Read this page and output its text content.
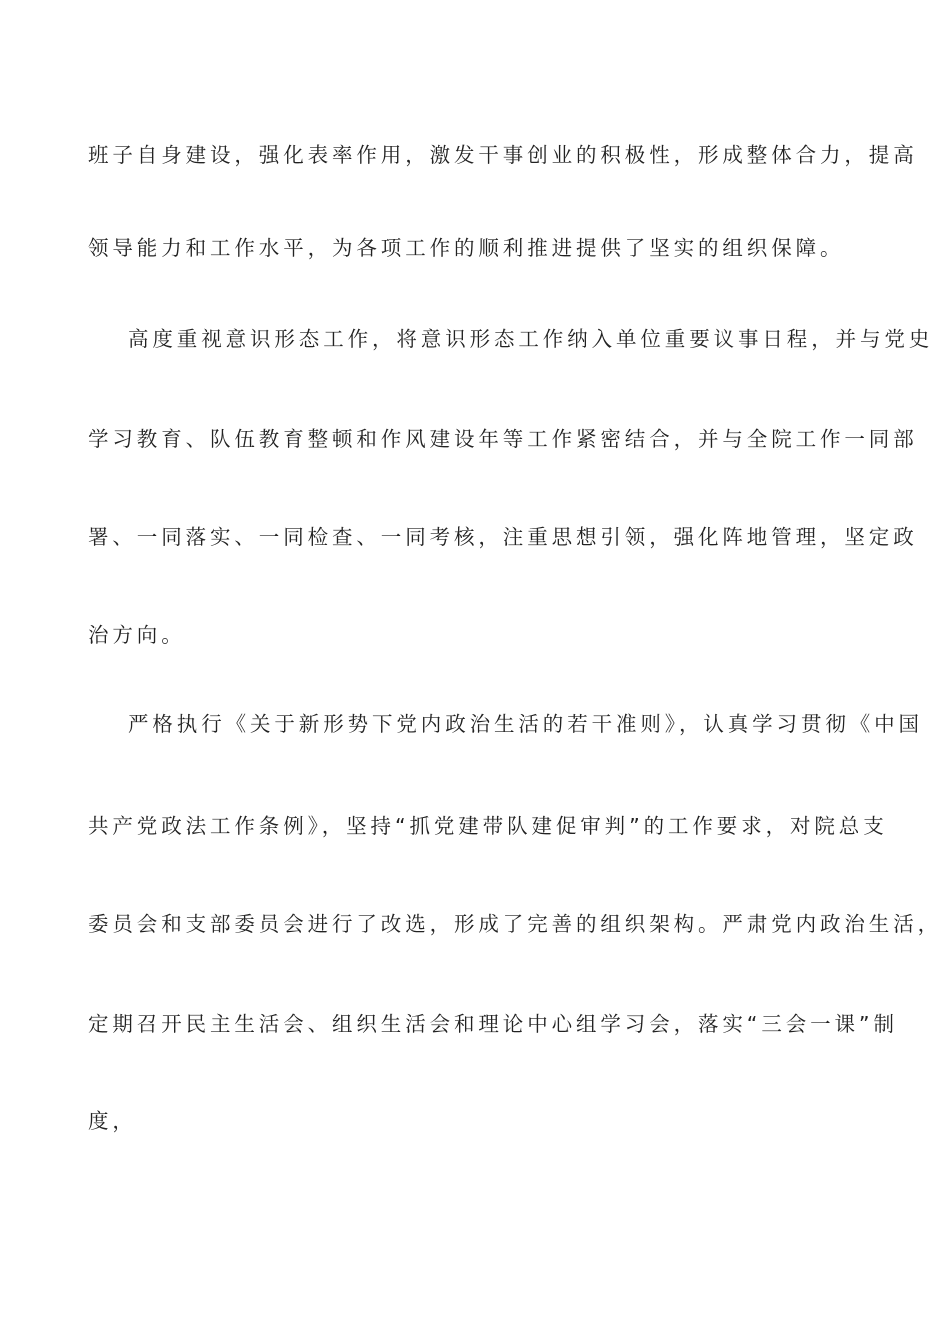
班子自身建设，强化表率作用，激发干事创业的积极性，形成整体合力，提高
领导能力和工作水平，为各项工作的顺利推进提供了坚实的组织保障。
高度重视意识形态工作，将意识形态工作纳入单位重要议事日程，并与党史
学习教育、队伍教育整顿和作风建设年等工作紧密结合，并与全院工作一同部
署、一同落实、一同检查、一同考核，注重思想引领，强化阵地管理，坚定政
治方向。
严格执行《关于新形势下党内政治生活的若干准则》，认真学习贯彻《中国
共产党政法工作条例》，坚持“抓党建带队建促审判”的工作要求，对院总支
委员会和支部委员会进行了改选，形成了完善的组织架构。严肃党内政治生活，
定期召开民主生活会、组织生活会和理论中心组学习会，落实“三会一课”制
度，
